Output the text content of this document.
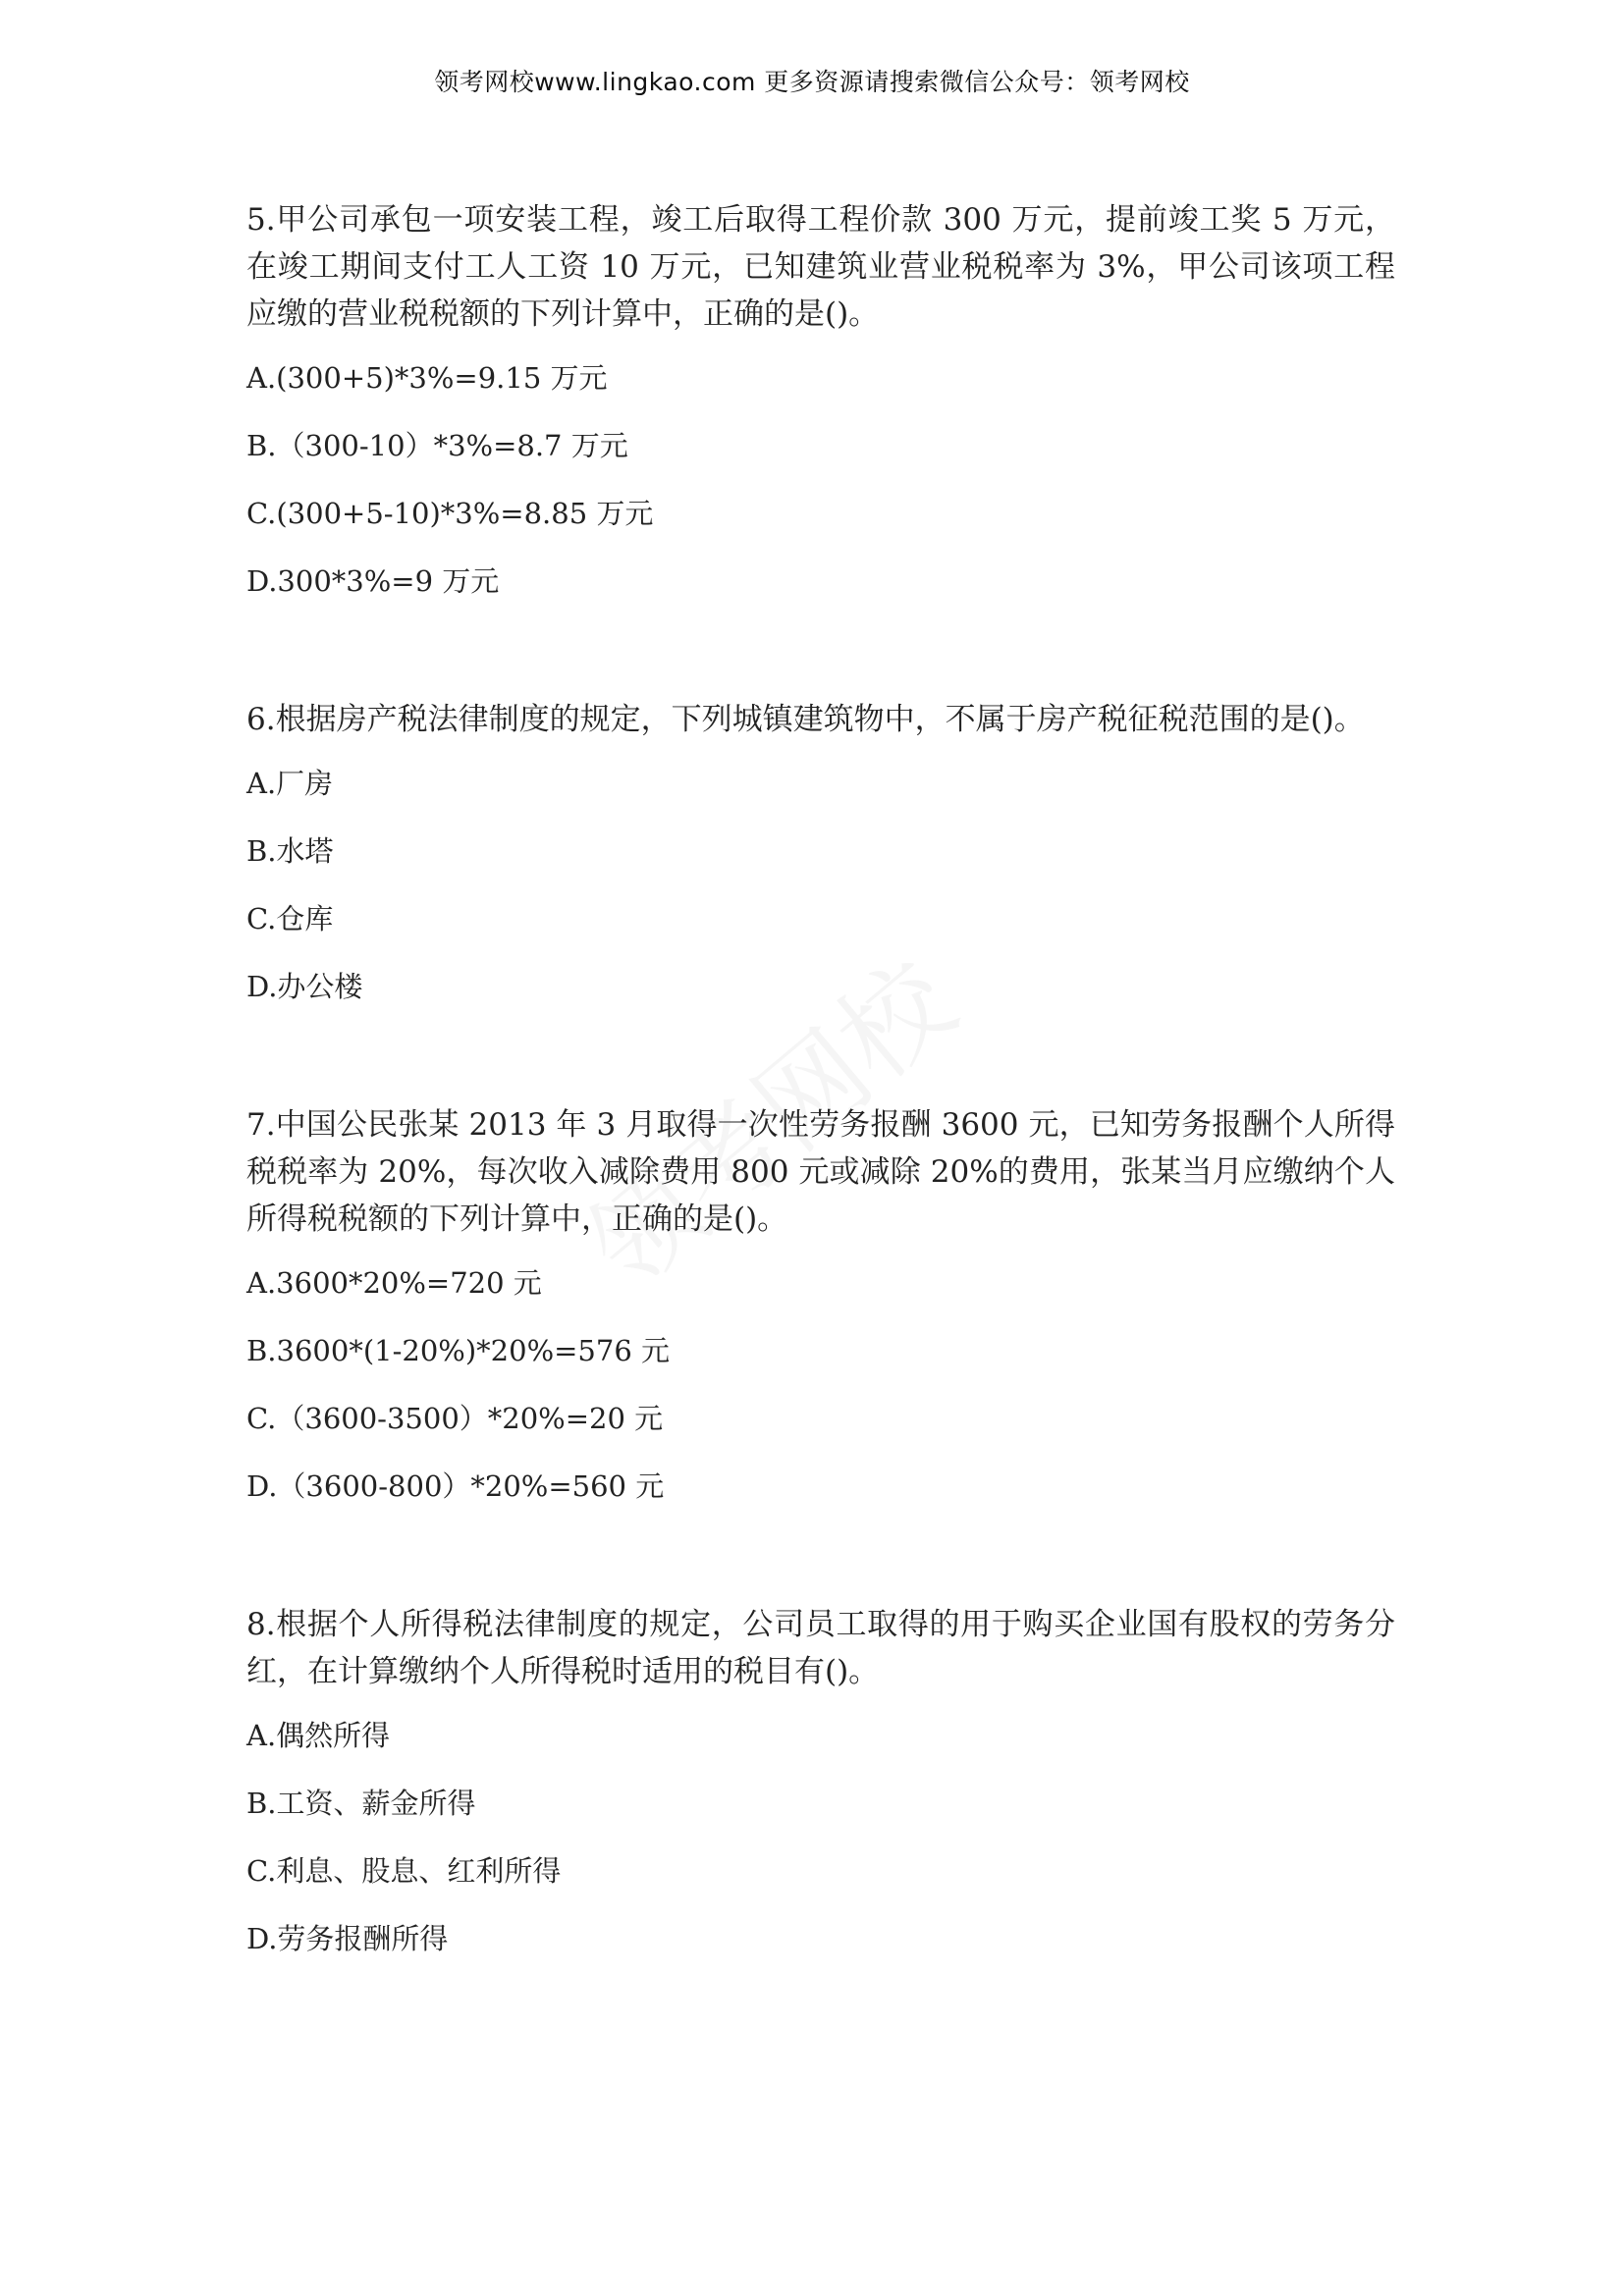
领考网校www.lingkao.com 更多资源请搜索微信公众号：领考网校

5.甲公司承包一项安装工程，竣工后取得工程价款 300 万元，提前竣工奖 5 万元，在竣工期间支付工人工资 10 万元，已知建筑业营业税税率为 3%，甲公司该项工程应缴的营业税税额的下列计算中，正确的是()。

A.(300+5)*3%=9.15 万元
B.（300-10）*3%=8.7 万元
C.(300+5-10)*3%=8.85 万元
D.300*3%=9 万元

6.根据房产税法律制度的规定，下列城镇建筑物中，不属于房产税征税范围的是()。

A.厂房
B.水塔
C.仓库
D.办公楼

7.中国公民张某 2013 年 3 月取得一次性劳务报酬 3600 元，已知劳务报酬个人所得税税率为 20%，每次收入减除费用 800 元或减除 20%的费用，张某当月应缴纳个人所得税税额的下列计算中，正确的是()。

A.3600*20%=720 元
B.3600*(1-20%)*20%=576 元
C.（3600-3500）*20%=20 元
D.（3600-800）*20%=560 元

8.根据个人所得税法律制度的规定，公司员工取得的用于购买企业国有股权的劳务分红，在计算缴纳个人所得税时适用的税目有()。

A.偶然所得
B.工资、薪金所得
C.利息、股息、红利所得
D.劳务报酬所得
